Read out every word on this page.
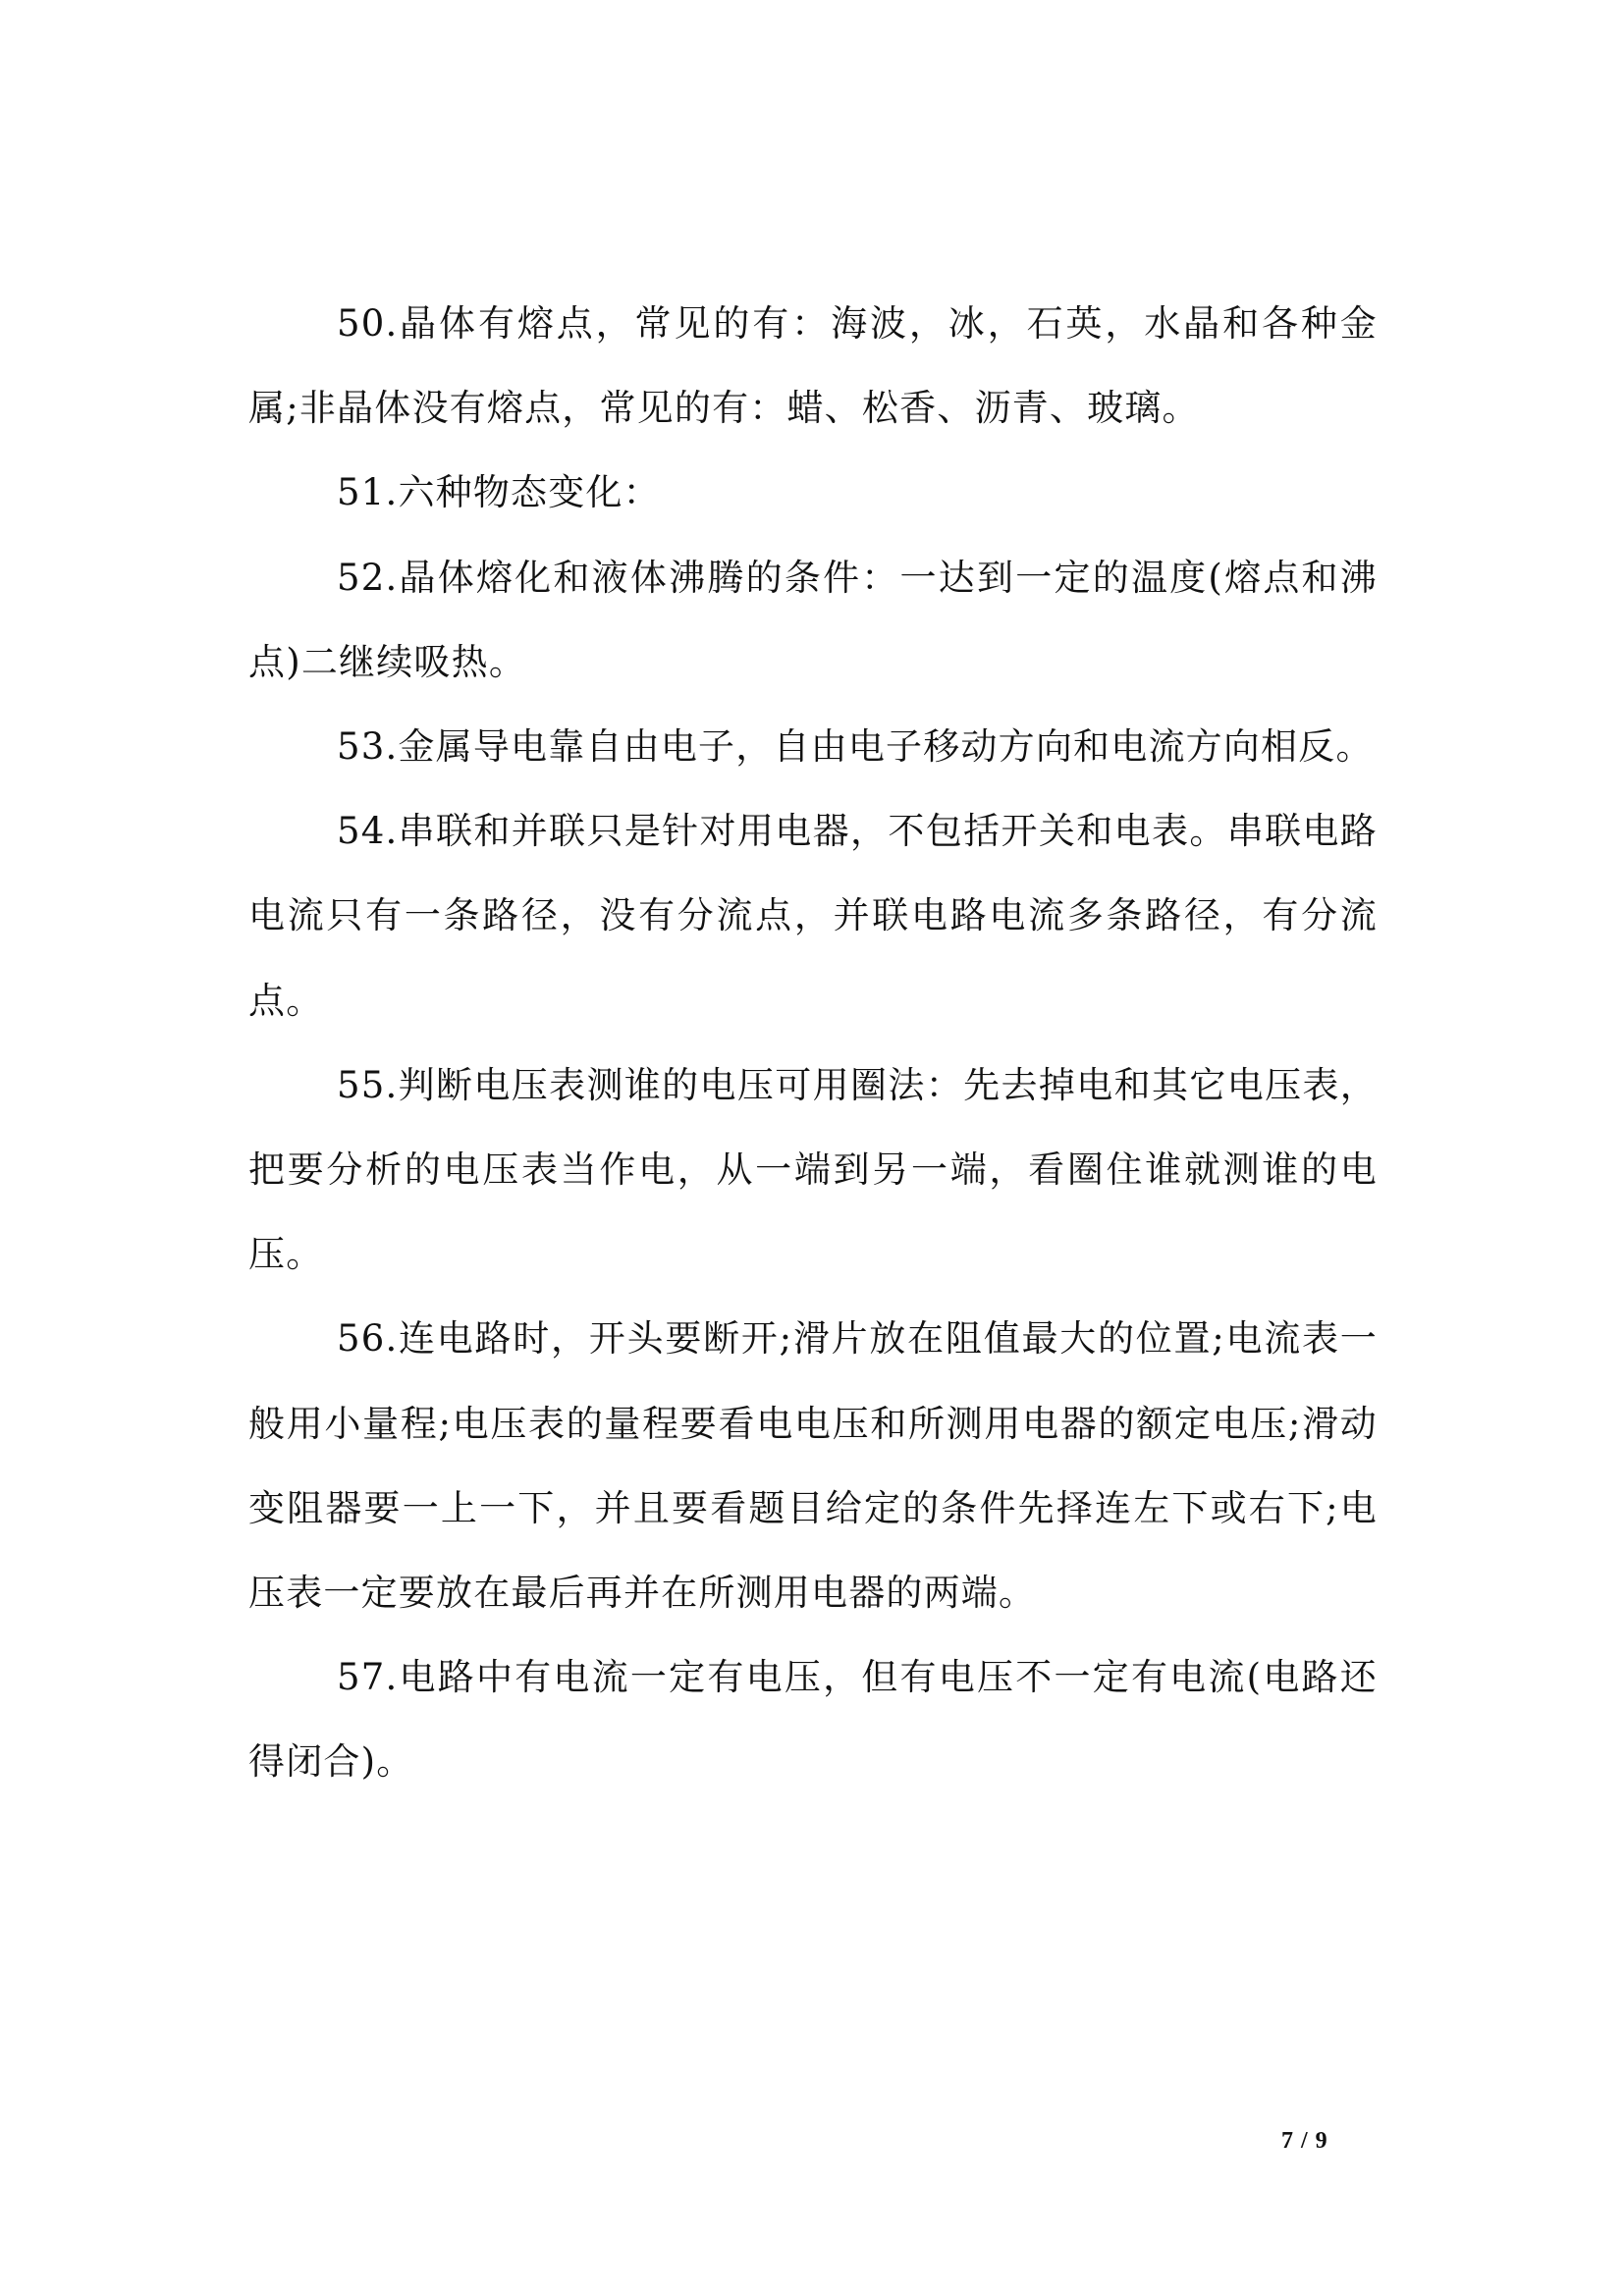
50.晶体有熔点，常见的有：海波，冰，石英，水晶和各种金属;非晶体没有熔点，常见的有：蜡、松香、沥青、玻璃。

51.六种物态变化：

52.晶体熔化和液体沸腾的条件：一达到一定的温度(熔点和沸点)二继续吸热。

53.金属导电靠自由电子，自由电子移动方向和电流方向相反。

54.串联和并联只是针对用电器，不包括开关和电表。串联电路电流只有一条路径，没有分流点，并联电路电流多条路径，有分流点。

55.判断电压表测谁的电压可用圈法：先去掉电和其它电压表，把要分析的电压表当作电，从一端到另一端，看圈住谁就测谁的电压。

56.连电路时，开头要断开;滑片放在阻值最大的位置;电流表一般用小量程;电压表的量程要看电电压和所测用电器的额定电压;滑动变阻器要一上一下，并且要看题目给定的条件先择连左下或右下;电压表一定要放在最后再并在所测用电器的两端。

57.电路中有电流一定有电压，但有电压不一定有电流(电路还得闭合)。

7 / 9
